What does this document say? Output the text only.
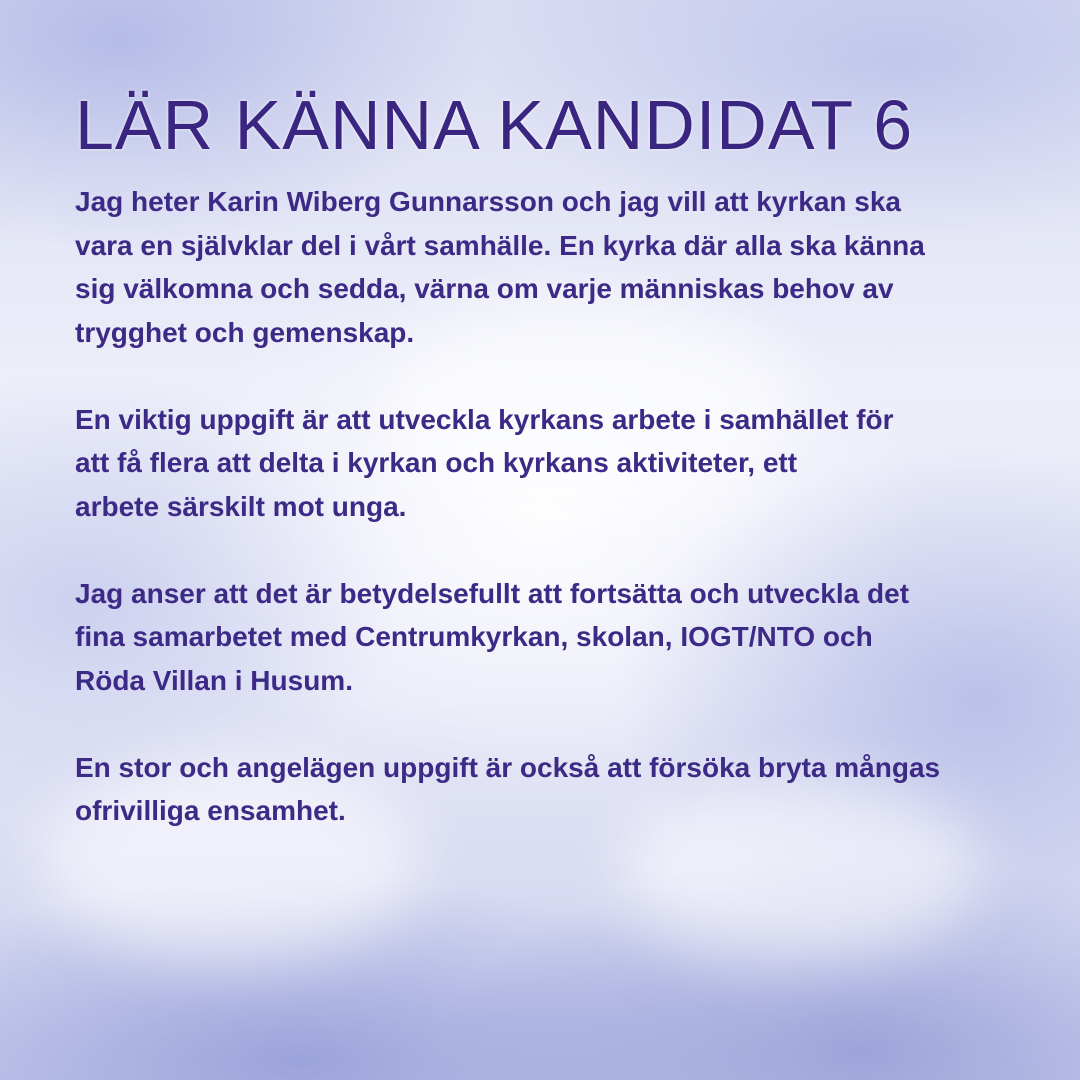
LÄR KÄNNA KANDIDAT 6

Jag heter Karin Wiberg Gunnarsson och jag vill att kyrkan ska
vara en självklar del i vårt samhälle. En kyrka där alla ska känna
sig välkomna och sedda, värna om varje människas behov av
trygghet och gemenskap.

En viktig uppgift är att utveckla kyrkans arbete i samhället för
att få flera att delta i kyrkan och kyrkans aktiviteter, ett
arbete särskilt mot unga.

Jag anser att det är betydelsefullt att fortsätta och utveckla det
fina samarbetet med Centrumkyrkan, skolan, IOGT/NTO och
Röda Villan i Husum.

En stor och angelägen uppgift är också att försöka bryta mångas
ofrivilliga ensamhet.
